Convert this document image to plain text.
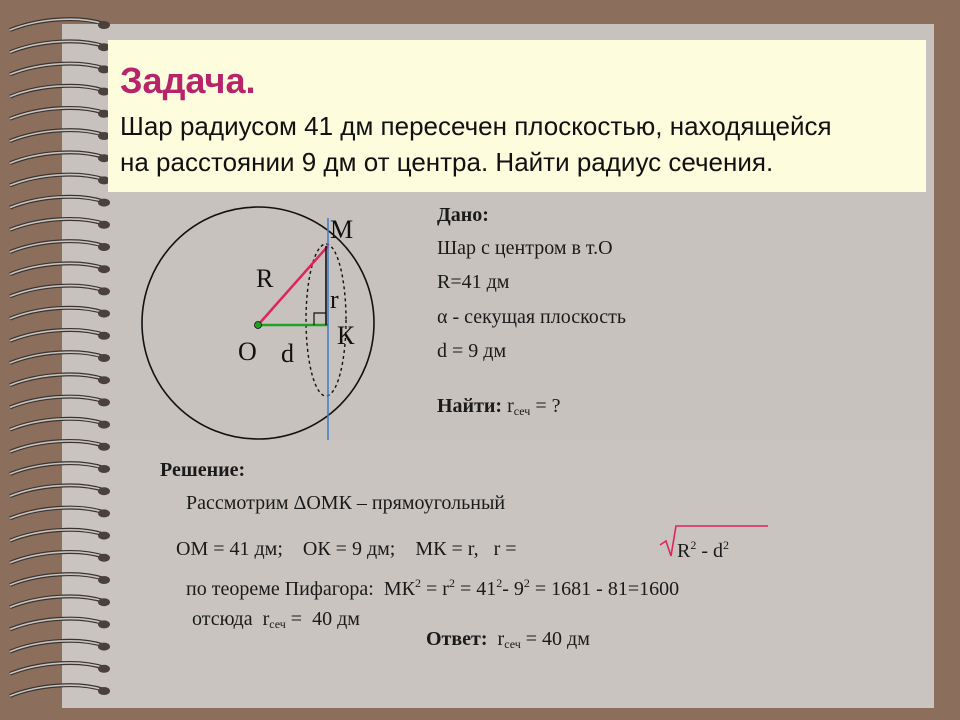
Задача.
Шар радиусом 41 дм пересечен плоскостью, находящейся
на расстоянии 9 дм от центра. Найти радиус сечения.
M
R
r
К
О d
Дано:
Шар с центром в т.О
R=41 дм
α - секущая плоскость
d = 9 дм
Найти: $r_{сеч}$ = ?
Решение:
Рассмотрим ΔОМК – прямоугольный
ОМ = 41 дм;    ОК = 9 дм;    МК = r,   r =	$R^2 - d^2$
по теореме Пифагора:  $МК^2 = r^2 = 41^2-$ $9^2 = 1681 - 81=1600$
отсюда  $r_{сеч} = 40$ дм
Ответ: $r_{сеч} = 40$ дм
